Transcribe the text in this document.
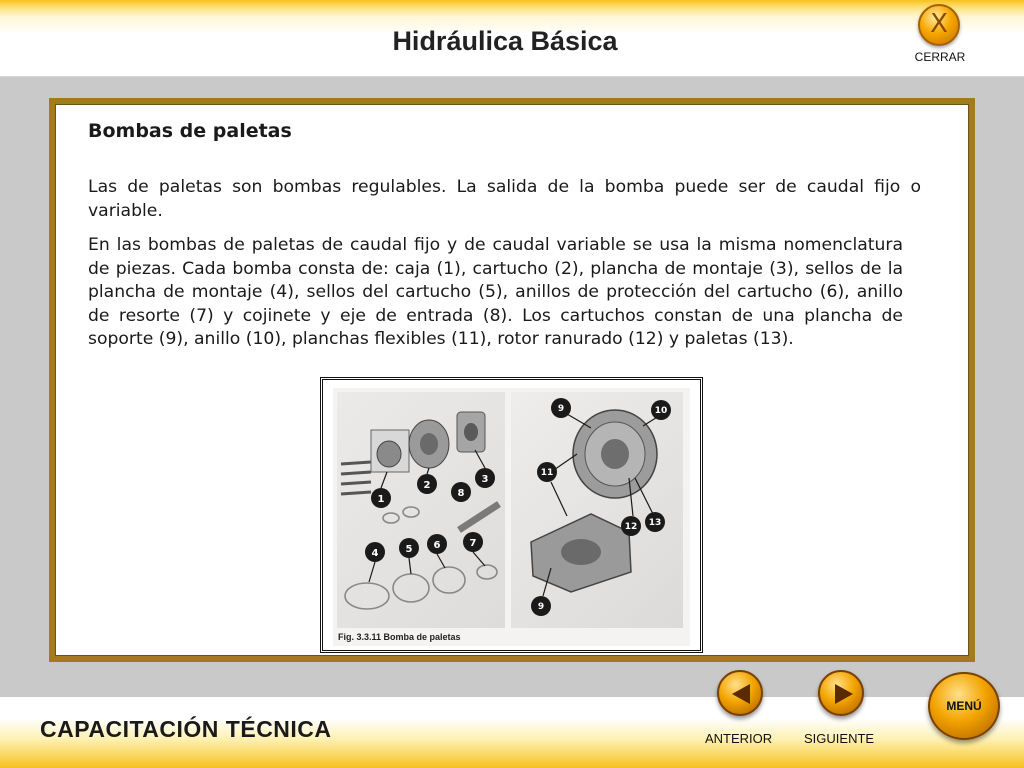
Hidráulica Básica
X
CERRAR
Bombas de paletas

Las de paletas son bombas regulables. La salida de la bomba puede ser de caudal fijo o variable.

En las bombas de paletas de caudal fijo y de caudal variable se usa la misma nomenclatura de piezas. Cada bomba consta de: caja (1), cartucho (2), plancha de montaje (3), sellos de la plancha de montaje (4), sellos del cartucho (5), anillos de protección del cartucho (6), anillo de resorte (7) y cojinete y eje de entrada (8). Los cartuchos constan de una plancha de soporte (9), anillo (10), planchas flexibles (11), rotor ranurado (12) y paletas (13).

1
2
3
8
4	5 6	7
9	10
11
12 13
9
Fig. 3.3.11 Bomba de paletas
CAPACITACIÓN TÉCNICA	ANTERIOR SIGUIENTE
MENÚ
